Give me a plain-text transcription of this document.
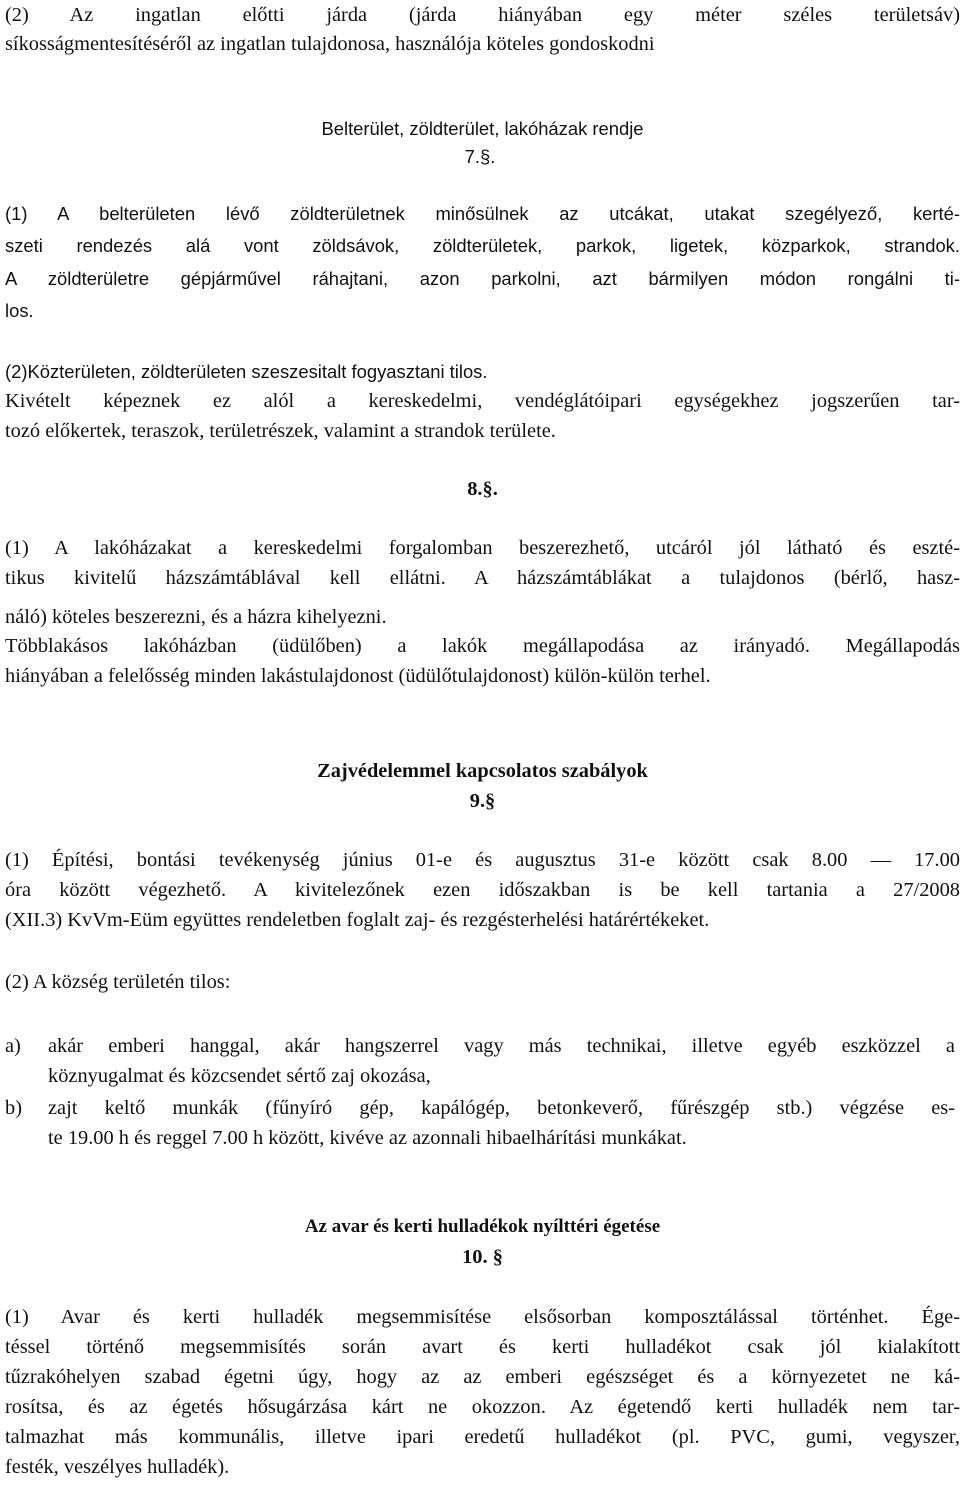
(2) Az ingatlan előtti járda (járda hiányában egy méter széles területsáv)
síkosságmentesítéséről az ingatlan tulajdonosa, használója köteles gondoskodni
Belterület, zöldterület, lakóházak rendje
7.§.
(1) A belterületen lévő zöldterületnek minősülnek az utcákat, utakat szegélyező, kerté-
szeti rendezés alá vont zöldsávok, zöldterületek, parkok, ligetek, közparkok, strandok.
A zöldterületre gépjárművel ráhajtani, azon parkolni, azt bármilyen módon rongálni ti-
los.
(2)Közterületen, zöldterületen szeszesitalt fogyasztani tilos.
Kivételt képeznek ez alól a kereskedelmi, vendéglátóipari egységekhez jogszerűen tar-
tozó előkertek, teraszok, területrészek, valamint a strandok területe.
8.§.
(1) A lakóházakat a kereskedelmi forgalomban beszerezhető, utcáról jól látható és eszté-
tikus kivitelű házszámtáblával kell ellátni. A házszámtáblákat a tulajdonos (bérlő, hasz-
náló) köteles beszerezni, és a házra kihelyezni.
Többlakásos lakóházban (üdülőben) a lakók megállapodása az irányadó. Megállapodás
hiányában a felelősség minden lakástulajdonost (üdülőtulajdonost) külön-külön terhel.
Zajvédelemmel kapcsolatos szabályok
9.§
(1) Építési, bontási tevékenység június 01-e és augusztus 31-e között csak 8.00 — 17.00
óra között végezhető. A kivitelezőnek ezen időszakban is be kell tartania a 27/2008
(XII.3) KvVm-Eüm együttes rendeletben foglalt zaj- és rezgésterhelési határértékeket.
(2) A község területén tilos:
a) akár emberi hanggal, akár hangszerrel vagy más technikai, illetve egyéb eszközzel a
köznyugalmat és közcsendet sértő zaj okozása,
b) zajt keltő munkák (fűnyíró gép, kapálógép, betonkeverő, fűrészgép stb.) végzése es-
te 19.00 h és reggel 7.00 h között, kivéve az azonnali hibaelhárítási munkákat.
Az avar és kerti hulladékok nyílttéri égetése
10. §
(1) Avar és kerti hulladék megsemmisítése elsősorban komposztálással történhet. Ége-
téssel történő megsemmisítés során avart és kerti hulladékot csak jól kialakított
tűzrakóhelyen szabad égetni úgy, hogy az az emberi egészséget és a környezetet ne ká-
rosítsa, és az égetés hősugárzása kárt ne okozzon. Az égetendő kerti hulladék nem tar-
talmazhat más kommunális, illetve ipari eredetű hulladékot (pl. PVC, gumi, vegyszer,
festék, veszélyes hulladék).
